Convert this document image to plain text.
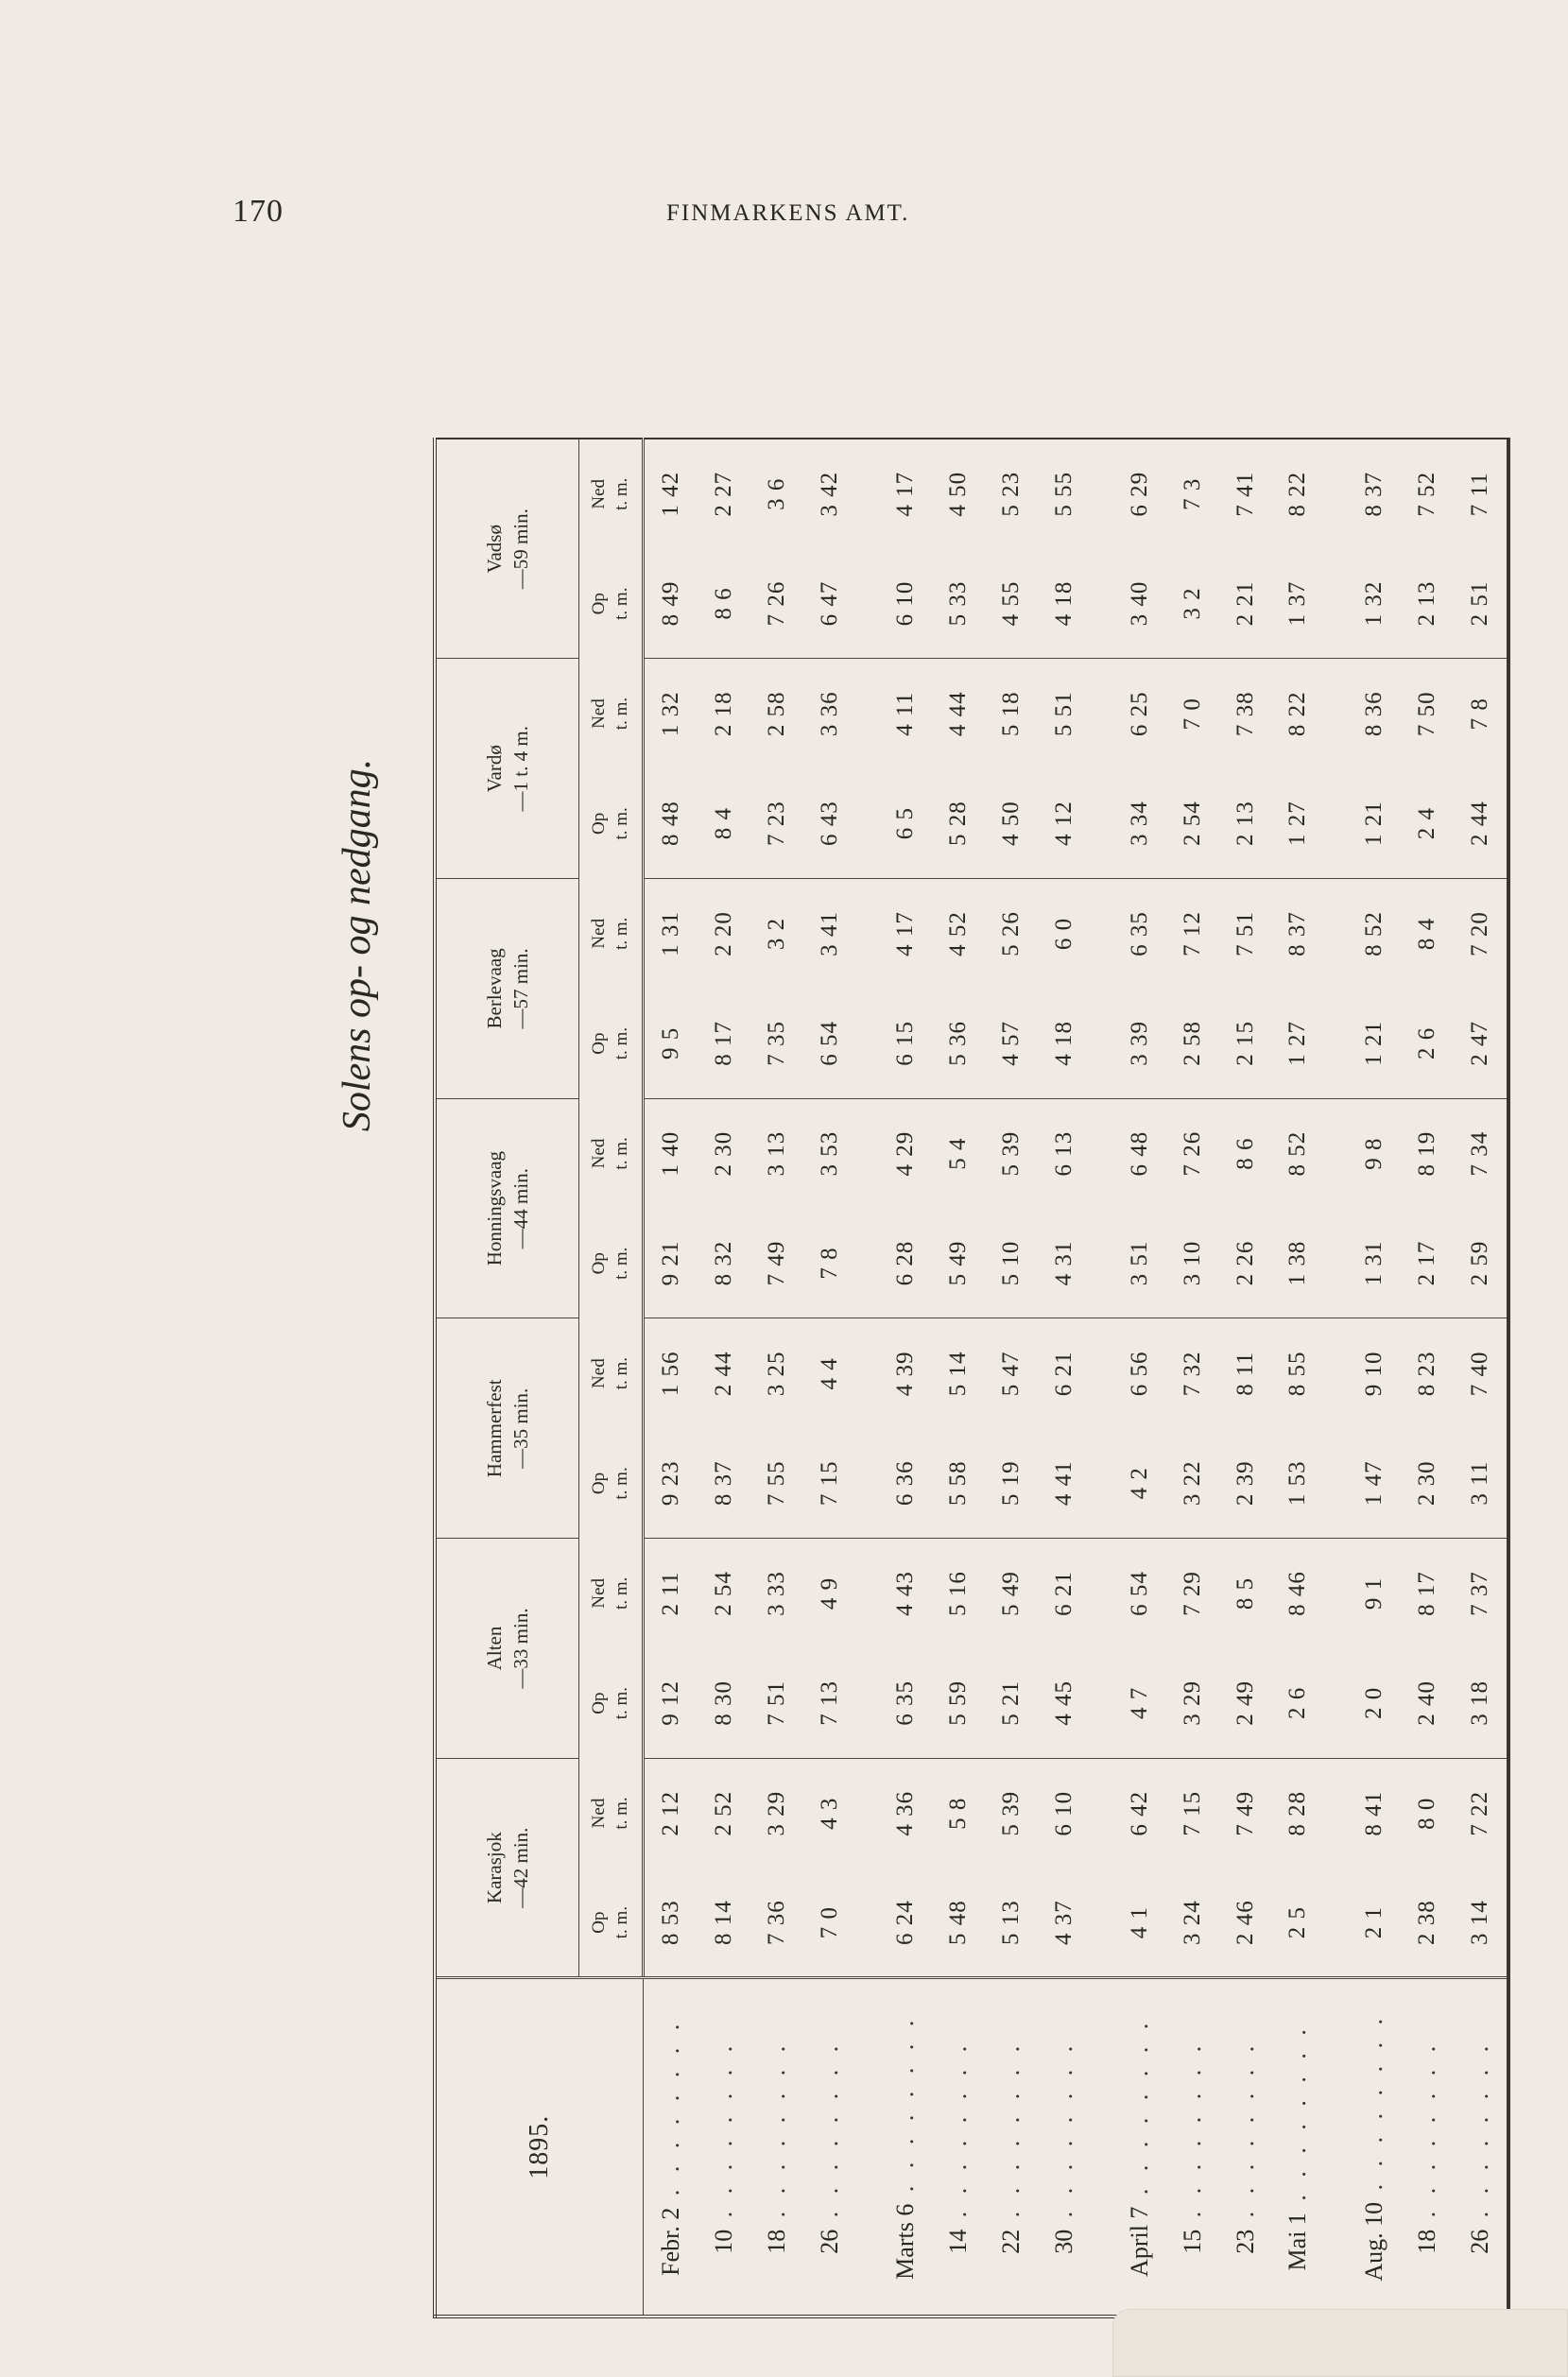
170	FINMARKENS AMT.
Solens op- og nedgang.
1895.	Karasjok —42 min.		Alten —33 min.		Hammerfest —35 min.		Honningsvaag —44 min.		Berlevaag —57 min.		Vardø —1 t. 4 m.		Vadsø —59 min.	

	Op t. m.	Ned t. m.	Op t. m.	Ned t. m.	Op t. m.	Ned t. m.	Op t. m.	Ned t. m.	Op t. m.	Ned t. m.	Op t. m.	Ned t. m.	Op t. m.	Ned t. m.

Febr. 2 . . . . . . . .	8 53	2 12	9 12	2 11	9 23	1 56	9 21	1 40	9 5	1 31	8 48	1 32	8 49	1 42
10 . . . . . . . .	8 14	2 52	8 30	2 54	8 37	2 44	8 32	2 30	8 17	2 20	8 4	2 18	8 6	2 27
18 . . . . . . . .	7 36	3 29	7 51	3 33	7 55	3 25	7 49	3 13	7 35	3 2	7 23	2 58	7 26	3 6
26 . . . . . . . .	7 0	4 3	7 13	4 9	7 15	4 4	7 8	3 53	6 54	3 41	6 43	3 36	6 47	3 42

Marts 6 . . . . . . . .	6 24	4 36	6 35	4 43	6 36	4 39	6 28	4 29	6 15	4 17	6 5	4 11	6 10	4 17
14 . . . . . . . .	5 48	5 8	5 59	5 16	5 58	5 14	5 49	5 4	5 36	4 52	5 28	4 44	5 33	4 50
22 . . . . . . . .	5 13	5 39	5 21	5 49	5 19	5 47	5 10	5 39	4 57	5 26	4 50	5 18	4 55	5 23
30 . . . . . . . .	4 37	6 10	4 45	6 21	4 41	6 21	4 31	6 13	4 18	6 0	4 12	5 51	4 18	5 55

April 7 . . . . . . . .	4 1	6 42	4 7	6 54	4 2	6 56	3 51	6 48	3 39	6 35	3 34	6 25	3 40	6 29
15 . . . . . . . .	3 24	7 15	3 29	7 29	3 22	7 32	3 10	7 26	2 58	7 12	2 54	7 0	3 2	7 3
23 . . . . . . . .	2 46	7 49	2 49	8 5	2 39	8 11	2 26	8 6	2 15	7 51	2 13	7 38	2 21	7 41
Mai 1 . . . . . . . .	2 5	8 28	2 6	8 46	1 53	8 55	1 38	8 52	1 27	8 37	1 27	8 22	1 37	8 22

Aug. 10 . . . . . . . .	2 1	8 41	2 0	9 1	1 47	9 10	1 31	9 8	1 21	8 52	1 21	8 36	1 32	8 37
18 . . . . . . . .	2 38	8 0	2 40	8 17	2 30	8 23	2 17	8 19	2 6	8 4	2 4	7 50	2 13	7 52
26 . . . . . . . .	3 14	7 22	3 18	7 37	3 11	7 40	2 59	7 34	2 47	7 20	2 44	7 8	2 51	7 11
